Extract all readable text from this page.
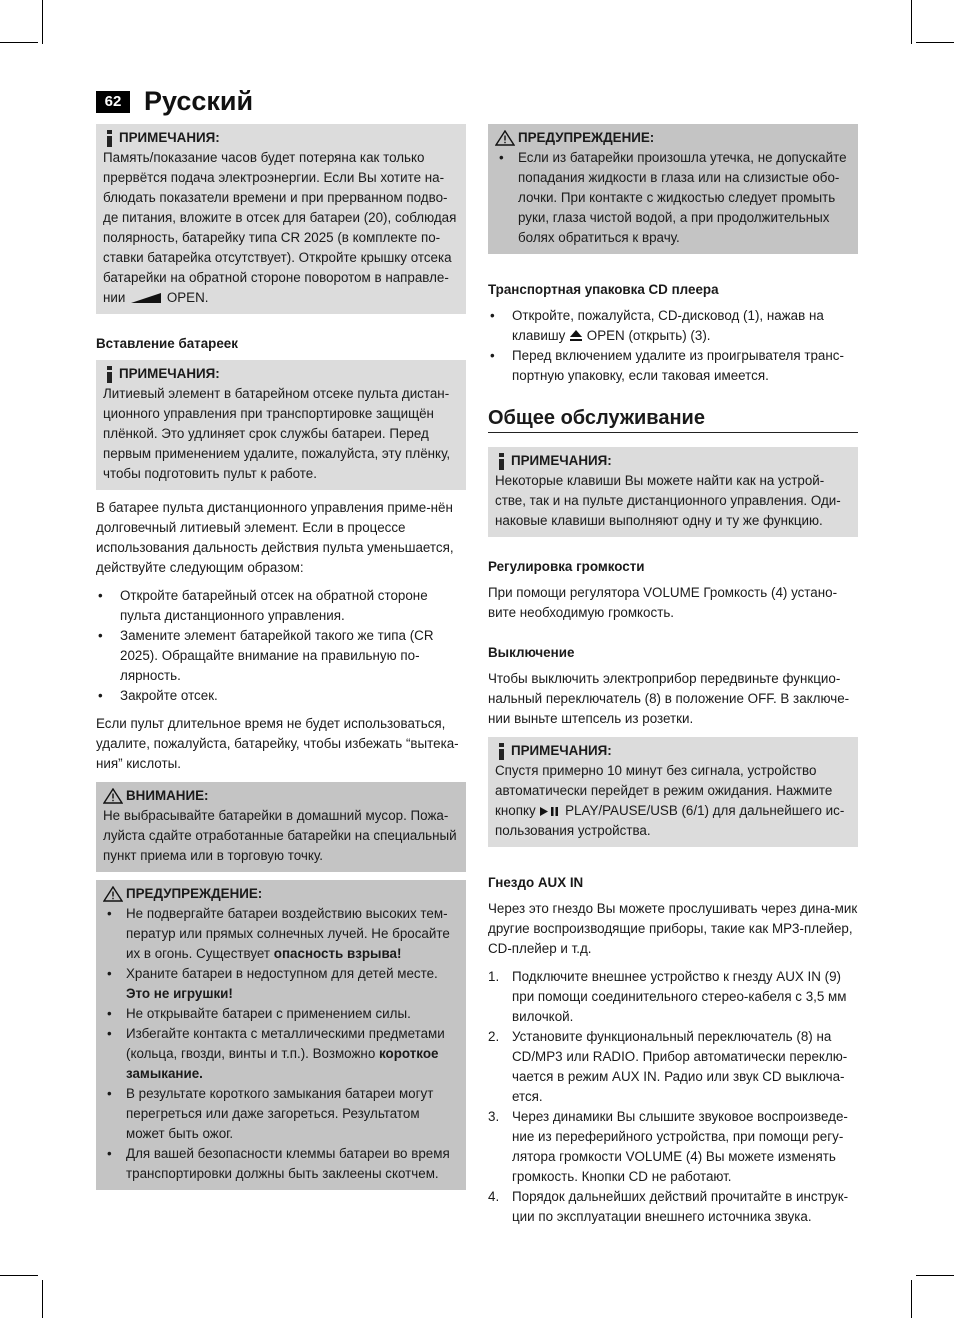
62 Русский
ПРИМЕЧАНИЯ:
Память/показание часов будет потеряна как только прервётся подача электроэнергии. Если Вы хотите на-блюдать показатели времени и при прерванном подво-де питания, вложите в отсек для батареи (20), соблюдая полярность, батарейку типа CR 2025 (в комплекте по-ставки батарейка отсутствует). Откройте крышку отсека батарейки на обратной стороне поворотом в направле-нии	OPEN.
Вставление батареек
ПРИМЕЧАНИЯ:
Литиевый элемент в батарейном отсеке пульта дистан-ционного управления при транспортировке защищён плёнкой. Это удлиняет срок службы батареи. Перед первым применением удалите, пожалуйста, эту плёнку, чтобы подготовить пульт к работе.

В батарее пульта дистанционного управления приме-нён долговечный литиевый элемент. Если в процессе использования дальность действия пульта уменьшается, действуйте следующим образом:

• Откройте батарейный отсек на обратной стороне пульта дистанционного управления.
• Замените элемент батарейкой такого же типа (CR 2025). Обращайте внимание на правильную по-лярность.
• Закройте отсек.

Если пульт длительное время не будет использоваться, удалите, пожалуйста, батарейку, чтобы избежать “вытека-ния” кислоты.

ВНИМАНИЕ:
Не выбрасывайте батарейки в домашний мусор. Пожа-луйста сдайте отработанные батарейки на специальный пункт приема или в торговую точку.
ПРЕДУПРЕЖДЕНИЕ:
• Не подвергайте батареи воздействию высоких тем-ператур или прямых солнечных лучей. Не бросайте их в огонь. Существует опасность взрыва!
• Храните батареи в недоступном для детей месте. Это не игрушки!
• Не открывайте батареи с применением силы.
• Избегайте контакта с металлическими предметами (кольца, гвозди, винты и т.п.). Возможно короткое замыкание.
• В результате короткого замыкания батареи могут перегреться или даже загореться. Результатом может быть ожог.
• Для вашей безопасности клеммы батареи во время транспортировки должны быть заклеены скотчем.
ПРЕДУПРЕЖДЕНИЕ:
• Если из батарейки произошла утечка, не допускайте попадания жидкости в глаза или на слизистые обо-лочки. При контакте с жидкостью следует промыть руки, глаза чистой водой, а при продолжительных болях обратиться к врачу.
Транспортная упаковка CD плеера
• Откройте, пожалуйста, CD-дисковод (1), нажав на клавишу OPEN (открыть) (3).
• Перед включением удалите из проигрывателя транс-портную упаковку, если таковая имеется.
Общее обслуживание
ПРИМЕЧАНИЯ:
Некоторые клавиши Вы можете найти как на устрой-стве, так и на пульте дистанционного управления. Оди-наковые клавиши выполняют одну и ту же функцию.
Регулировка громкости

При помощи регулятора VOLUME Громкость (4) устано-вите необходимую громкость.

Выключение

Чтобы выключить электроприбор передвиньте функцио-нальный переключатель (8) в положение OFF. В заключе-нии выньте штепсель из розетки.

ПРИМЕЧАНИЯ:
Спустя примерно 10 минут без сигнала, устройство автоматически перейдет в режим ожидания. Нажмите кнопку PLAY/PAUSE/USB (6/1) для дальнейшего ис-пользования устройства.
Гнездо AUX IN

Через это гнездо Вы можете прослушивать через дина-мик другие воспроизводящие приборы, такие как MP3-плейер, CD-плейер и т.д.

1. Подключите внешнее устройство к гнезду AUX IN (9) при помощи соединительного стерео-кабеля с 3,5 мм вилочкой.
2. Установите функциональный переключатель (8) на CD/MP3 или RADIO. Прибор автоматически переклю-чается в режим AUX IN. Радио или звук CD выключа-ется.
3. Через динамики Вы слышите звуковое воспроизведе-ние из переферийного устройства, при помощи регу-лятора громкости VOLUME (4) Вы можете изменять громкость. Кнопки CD не работают.
4. Порядок дальнейших действий прочитайте в инструк-ции по эксплуатации внешнего источника звука.
